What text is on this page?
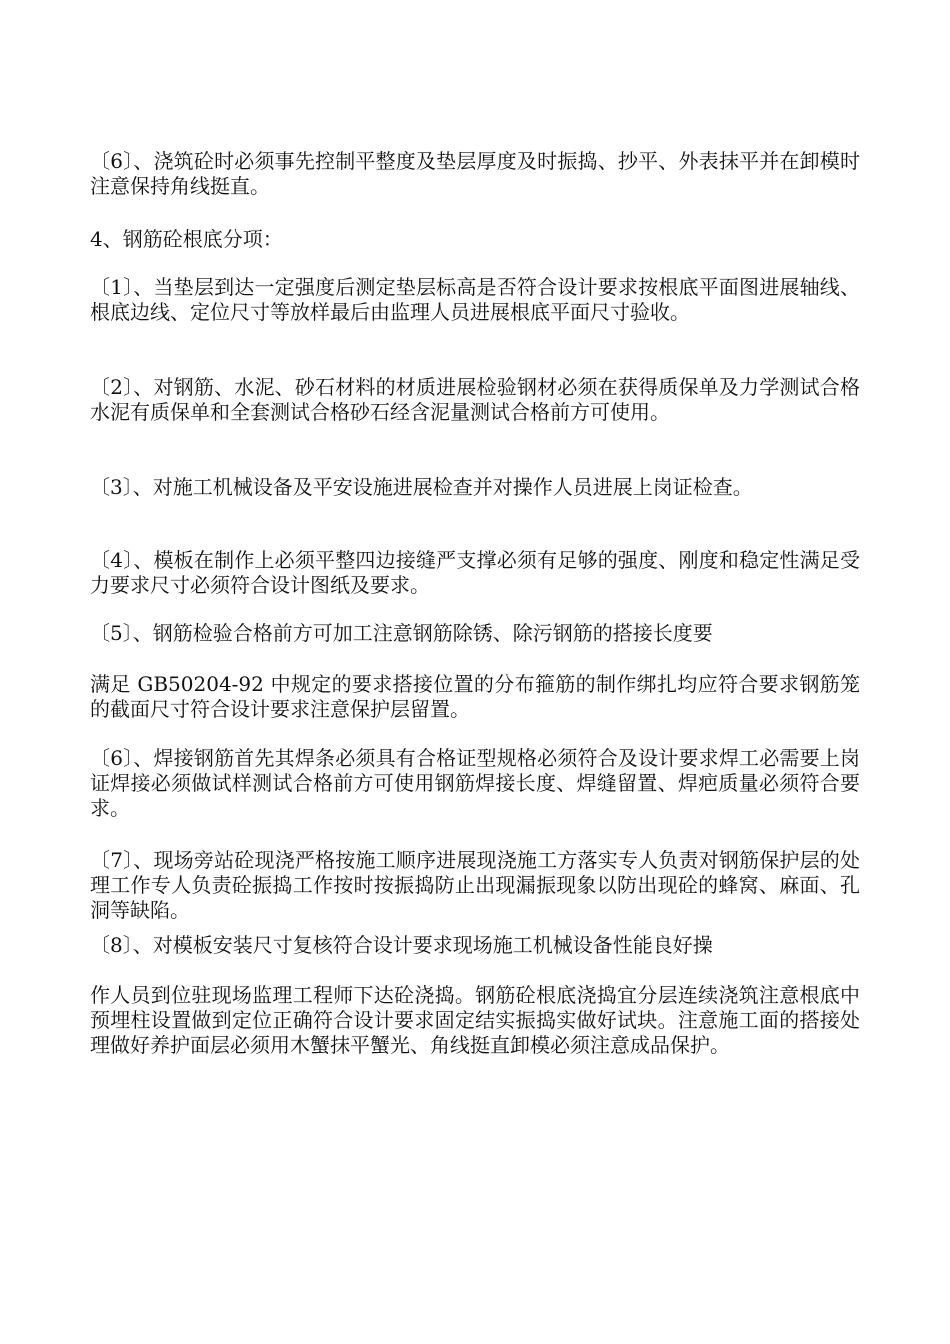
〔6〕、浇筑砼时必须事先控制平整度及垫层厚度及时振捣、抄平、外表抹平并在卸模时注意保持角线挺直。

4、钢筋砼根底分项：

〔1〕、当垫层到达一定强度后测定垫层标高是否符合设计要求按根底平面图进展轴线、根底边线、定位尺寸等放样最后由监理人员进展根底平面尺寸验收。

〔2〕、对钢筋、水泥、砂石材料的材质进展检验钢材必须在获得质保单及力学测试合格水泥有质保单和全套测试合格砂石经含泥量测试合格前方可使用。

〔3〕、对施工机械设备及平安设施进展检查并对操作人员进展上岗证检查。

〔4〕、模板在制作上必须平整四边接缝严支撑必须有足够的强度、刚度和稳定性满足受力要求尺寸必须符合设计图纸及要求。

〔5〕、钢筋检验合格前方可加工注意钢筋除锈、除污钢筋的搭接长度要

满足 GB50204-92 中规定的要求搭接位置的分布箍筋的制作绑扎均应符合要求钢筋笼的截面尺寸符合设计要求注意保护层留置。

〔6〕、焊接钢筋首先其焊条必须具有合格证型规格必须符合及设计要求焊工必需要上岗证焊接必须做试样测试合格前方可使用钢筋焊接长度、焊缝留置、焊疤质量必须符合要求。

〔7〕、现场旁站砼现浇严格按施工顺序进展现浇施工方落实专人负责对钢筋保护层的处理工作专人负责砼振捣工作按时按振捣防止出现漏振现象以防出现砼的蜂窝、麻面、孔洞等缺陷。

〔8〕、对模板安装尺寸复核符合设计要求现场施工机械设备性能良好操

作人员到位驻现场监理工程师下达砼浇捣。钢筋砼根底浇捣宜分层连续浇筑注意根底中预埋柱设置做到定位正确符合设计要求固定结实振捣实做好试块。注意施工面的搭接处理做好养护面层必须用木蟹抹平蟹光、角线挺直卸模必须注意成品保护。
